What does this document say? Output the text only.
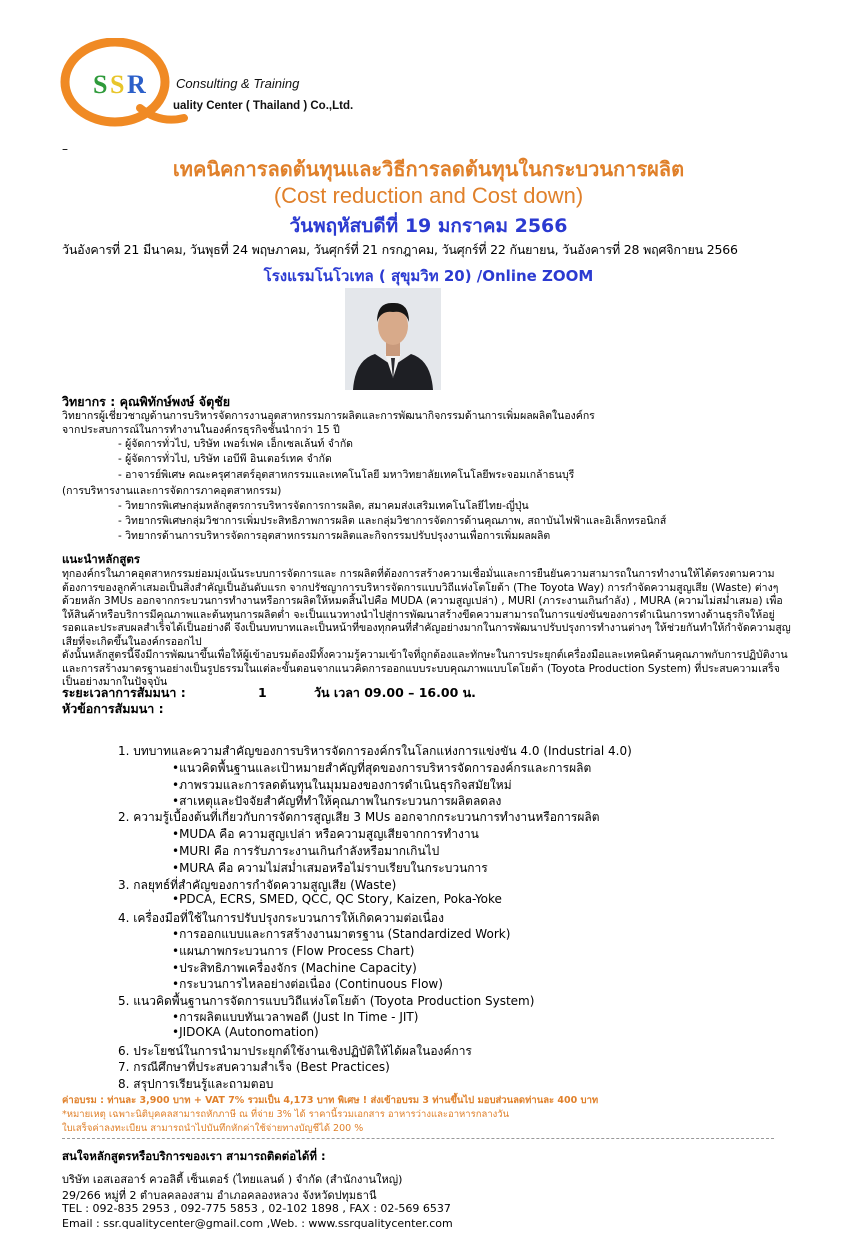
S S R Consulting & Training
uality Center ( Thailand ) Co.,Ltd.
–
เทคนิคการลดต้นทุนและวิธีการลดต้นทุนในกระบวนการผลิต
(Cost reduction and Cost down)
วันพฤหัสบดีที่ 19 มกราคม 2566
วันอังคารที่ 21 มีนาคม, วันพุธที่ 24 พฤษภาคม, วันศุกร์ที่ 21 กรกฎาคม, วันศุกร์ที่ 22 กันยายน, วันอังคารที่ 28 พฤศจิกายน 2566
โรงแรมโนโวเทล ( สุขุมวิท 20) /Online ZOOM
วิทยากร : คุณพิทักษ์พงษ์ จัตุชัย
วิทยากรผู้เชี่ยวชาญด้านการบริหารจัดการงานอุตสาหกรรมการผลิตและการพัฒนากิจกรรมด้านการเพิ่มผลผลิตในองค์กร
จากประสบการณ์ในการทำงานในองค์กรธุรกิจชั้นนำกว่า 15 ปี
- ผู้จัดการทั่วไป, บริษัท เพอร์เฟค เอ็กเซลเล้นท์ จำกัด
- ผู้จัดการทั่วไป, บริษัท เอบีพี อินเตอร์เทค จำกัด
- อาจารย์พิเศษ คณะครุศาสตร์อุตสาหกรรมและเทคโนโลยี มหาวิทยาลัยเทคโนโลยีพระจอมเกล้าธนบุรี
(การบริหารงานและการจัดการภาคอุตสาหกรรม)
- วิทยากรพิเศษกลุ่มหลักสูตรการบริหารจัดการการผลิต, สมาคมส่งเสริมเทคโนโลยีไทย-ญี่ปุ่น
- วิทยากรพิเศษกลุ่มวิชาการเพิ่มประสิทธิภาพการผลิต และกลุ่มวิชาการจัดการด้านคุณภาพ, สถาบันไฟฟ้าและอิเล็กทรอนิกส์
- วิทยากรด้านการบริหารจัดการอุตสาหกรรมการผลิตและกิจกรรมปรับปรุงงานเพื่อการเพิ่มผลผลิต
แนะนำหลักสูตร

ทุกองค์กรในภาคอุตสาหกรรมย่อมมุ่งเน้นระบบการจัดการและ การผลิตที่ต้องการสร้างความเชื่อมั่นและการยืนยันความสามารถในการทำงานให้ได้ตรงตามความต้องการของลูกค้าเสมอเป็นสิ่งสำคัญเป็นอันดับแรก จากปรัชญาการบริหารจัดการแบบวิถีแห่งโตโยต้า (The Toyota Way) การกำจัดความสูญเสีย (Waste) ต่างๆ ด้วยหลัก 3MUs ออกจากกระบวนการทำงานหรือการผลิตให้หมดสิ้นไปคือ MUDA (ความสูญเปล่า) , MURI (ภาระงานเกินกำลัง) , MURA (ความไม่สม่ำเสมอ) เพื่อให้สินค้าหรือบริการมีคุณภาพและต้นทุนการผลิตต่ำ จะเป็นแนวทางนำไปสู่การพัฒนาสร้างขีดความสามารถในการแข่งขันของการดำเนินการทางด้านธุรกิจให้อยู่รอดและประสบผลสำเร็จได้เป็นอย่างดี จึงเป็นบทบาทและเป็นหน้าที่ของทุกคนที่สำคัญอย่างมากในการพัฒนาปรับปรุงการทำงานต่างๆ ให้ช่วยกันทำให้กำจัดความสูญเสียที่จะเกิดขึ้นในองค์กรออกไป

ดังนั้นหลักสูตรนี้จึงมีการพัฒนาขึ้นเพื่อให้ผู้เข้าอบรมต้องมีทั้งความรู้ความเข้าใจที่ถูกต้องและทักษะในการประยุกต์เครื่องมือและเทคนิคด้านคุณภาพกับการปฏิบัติงาน และการสร้างมาตรฐานอย่างเป็นรูปธรรมในแต่ละขั้นตอนจากแนวคิดการออกแบบระบบคุณภาพแบบโตโยต้า (Toyota Production System) ที่ประสบความเสร็จเป็นอย่างมากในปัจจุบัน

ระยะเวลาการสัมมนา :	1	วัน เวลา 09.00 – 16.00 น.
หัวข้อการสัมมนา :
1. บทบาทและความสำคัญของการบริหารจัดการองค์กรในโลกแห่งการแข่งขัน 4.0 (Industrial 4.0)
•แนวคิดพื้นฐานและเป้าหมายสำคัญที่สุดของการบริหารจัดการองค์กรและการผลิต
•ภาพรวมและการลดต้นทุนในมุมมองของการดำเนินธุรกิจสมัยใหม่
•สาเหตุและปัจจัยสำคัญที่ทำให้คุณภาพในกระบวนการผลิตลดลง
2. ความรู้เบื้องต้นที่เกี่ยวกับการจัดการสูญเสีย 3 MUs ออกจากกระบวนการทำงานหรือการผลิต
•MUDA คือ ความสูญเปล่า หรือความสูญเสียจากการทำงาน
•MURI คือ การรับภาระงานเกินกำลังหรือมากเกินไป
•MURA คือ ความไม่สม่ำเสมอหรือไม่ราบเรียบในกระบวนการ
3. กลยุทธ์ที่สำคัญของการกำจัดความสูญเสีย (Waste)
•PDCA, ECRS, SMED, QCC, QC Story, Kaizen, Poka-Yoke
4. เครื่องมือที่ใช้ในการปรับปรุงกระบวนการให้เกิดความต่อเนื่อง
•การออกแบบและการสร้างงานมาตรฐาน (Standardized Work)
•แผนภาพกระบวนการ (Flow Process Chart)
•ประสิทธิภาพเครื่องจักร (Machine Capacity)
•กระบวนการไหลอย่างต่อเนื่อง (Continuous Flow)
5. แนวคิดพื้นฐานการจัดการแบบวิถีแห่งโตโยต้า (Toyota Production System)
•การผลิตแบบทันเวลาพอดี (Just In Time - JIT)
•JIDOKA (Autonomation)
6. ประโยชน์ในการนำมาประยุกต์ใช้งานเชิงปฏิบัติให้ได้ผลในองค์การ
7. กรณีศึกษาที่ประสบความสำเร็จ (Best Practices)
8. สรุปการเรียนรู้และถามตอบ
ค่าอบรม : ท่านละ 3,900 บาท + VAT 7% รวมเป็น 4,173 บาท พิเศษ ! ส่งเข้าอบรม 3 ท่านขึ้นไป มอบส่วนลดท่านละ 400 บาท
*หมายเหตุ เฉพาะนิติบุคคลสามารถหักภาษี ณ ที่จ่าย 3% ได้ ราคานี้รวมเอกสาร อาหารว่างและอาหารกลางวัน
ใบเสร็จค่าลงทะเบียน สามารถนำไปบันทึกหักค่าใช้จ่ายทางบัญชีได้ 200 %
สนใจหลักสูตรหรือบริการของเรา สามารถติดต่อได้ที่ :
บริษัท เอสเอสอาร์ ควอลิตี้ เซ็นเตอร์ (ไทยแลนด์ ) จำกัด (สำนักงานใหญ่)
29/266 หมู่ที่ 2 ตำบลคลองสาม อำเภอคลองหลวง จังหวัดปทุมธานี
TEL : 092-835 2953 , 092-775 5853 , 02-102 1898 , FAX : 02-569 6537
Email : ssr.qualitycenter@gmail.com ,Web. : www.ssrqualitycenter.com
